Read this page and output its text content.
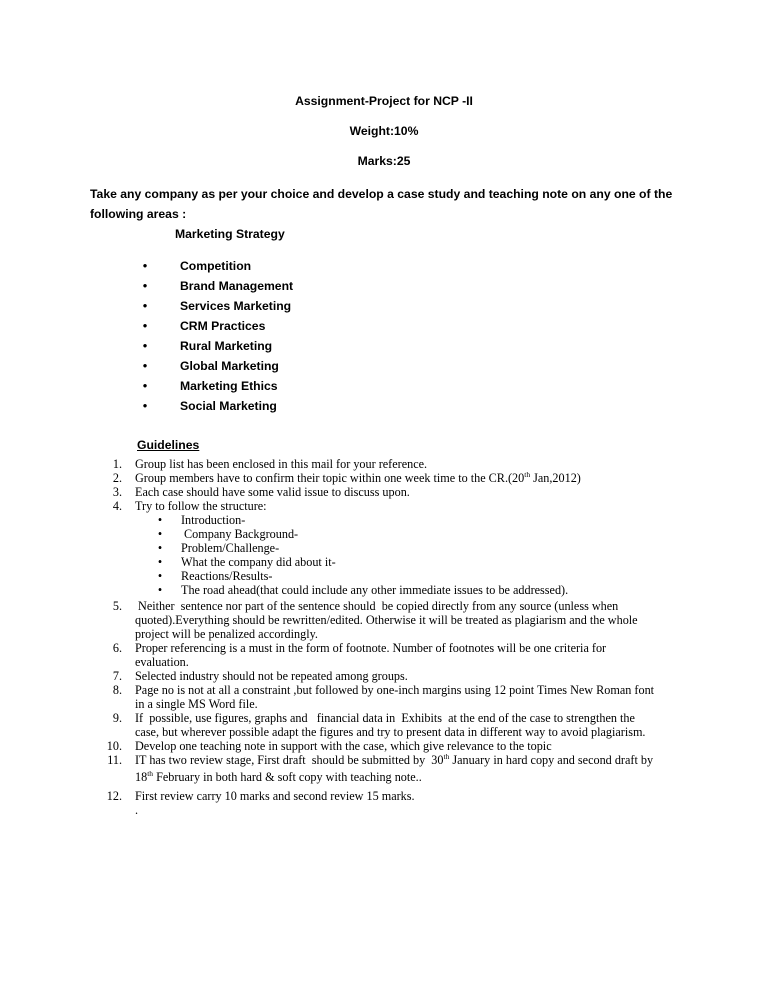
Assignment-Project for NCP -II
Weight:10%
Marks:25
Take any company as per your choice and develop a case study and teaching note on any one of the
following areas :
Marketing Strategy
•	Competition
•	Brand Management
•	Services Marketing
•	CRM Practices
•	Rural Marketing
•	Global Marketing
•	Marketing Ethics
•	Social Marketing
Guidelines
1. Group list has been enclosed in this mail for your reference.
2. Group members have to confirm their topic within one week time to the CR.(20th Jan,2012)
3. Each case should have some valid issue to discuss upon.
4. Try to follow the structure:
• Introduction-
• Company Background-
• Problem/Challenge-
• What the company did about it-
• Reactions/Results-
• The road ahead(that could include any other immediate issues to be addressed).
5. Neither  sentence nor part of the sentence should  be copied directly from any source (unless when
quoted).Everything should be rewritten/edited. Otherwise it will be treated as plagiarism and the whole
project will be penalized accordingly.
6. Proper referencing is a must in the form of footnote. Number of footnotes will be one criteria for
evaluation.
7. Selected industry should not be repeated among groups.
8. Page no is not at all a constraint ,but followed by one-inch margins using 12 point Times New Roman font
in a single MS Word file.
9. If  possible, use figures, graphs and   financial data in  Exhibits  at the end of the case to strengthen the
case, but wherever possible adapt the figures and try to present data in different way to avoid plagiarism.
10. Develop one teaching note in support with the case, which give relevance to the topic
11. IT has two review stage, First draft  should be submitted by  30th January in hard copy and second draft by
18th February in both hard & soft copy with teaching note..
12. First review carry 10 marks and second review 15 marks.
.
